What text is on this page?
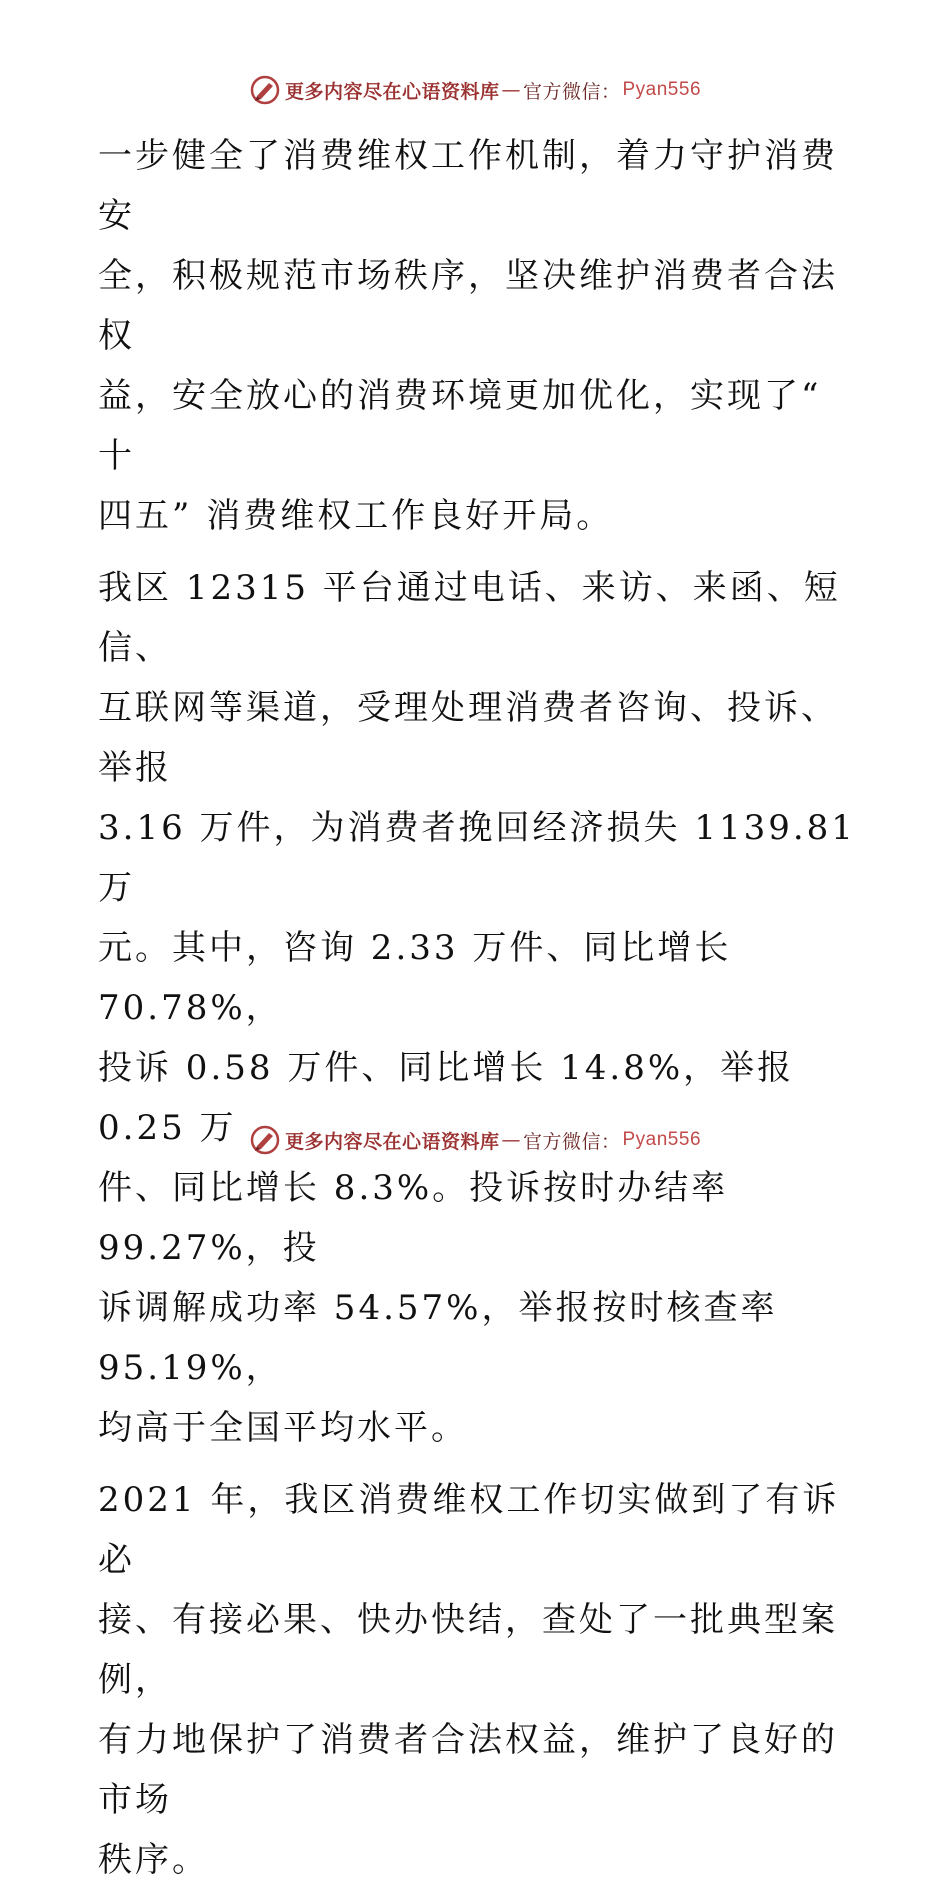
更多内容尽在心语资料库 — 官方微信： Pyan556

一步健全了消费维权工作机制，着力守护消费安
全，积极规范市场秩序，坚决维护消费者合法权
益，安全放心的消费环境更加优化，实现了“ 十
四五” 消费维权工作良好开局。

我区 12315 平台通过电话、来访、来函、短信、
互联网等渠道，受理处理消费者咨询、投诉、举报
3.16 万件，为消费者挽回经济损失 1139.81 万
元。其中，咨询 2.33 万件、同比增长 70.78%，
投诉 0.58 万件、同比增长 14.8%，举报 0.25 万
件、同比增长 8.3%。投诉按时办结率 99.27%，投
诉调解成功率 54.57%，举报按时核查率 95.19%，
均高于全国平均水平。

2021 年，我区消费维权工作切实做到了有诉必
接、有接必果、快办快结，查处了一批典型案例，
有力地保护了消费者合法权益，维护了良好的市场
秩序。

更多内容尽在心语资料库 — 官方微信： Pyan556
